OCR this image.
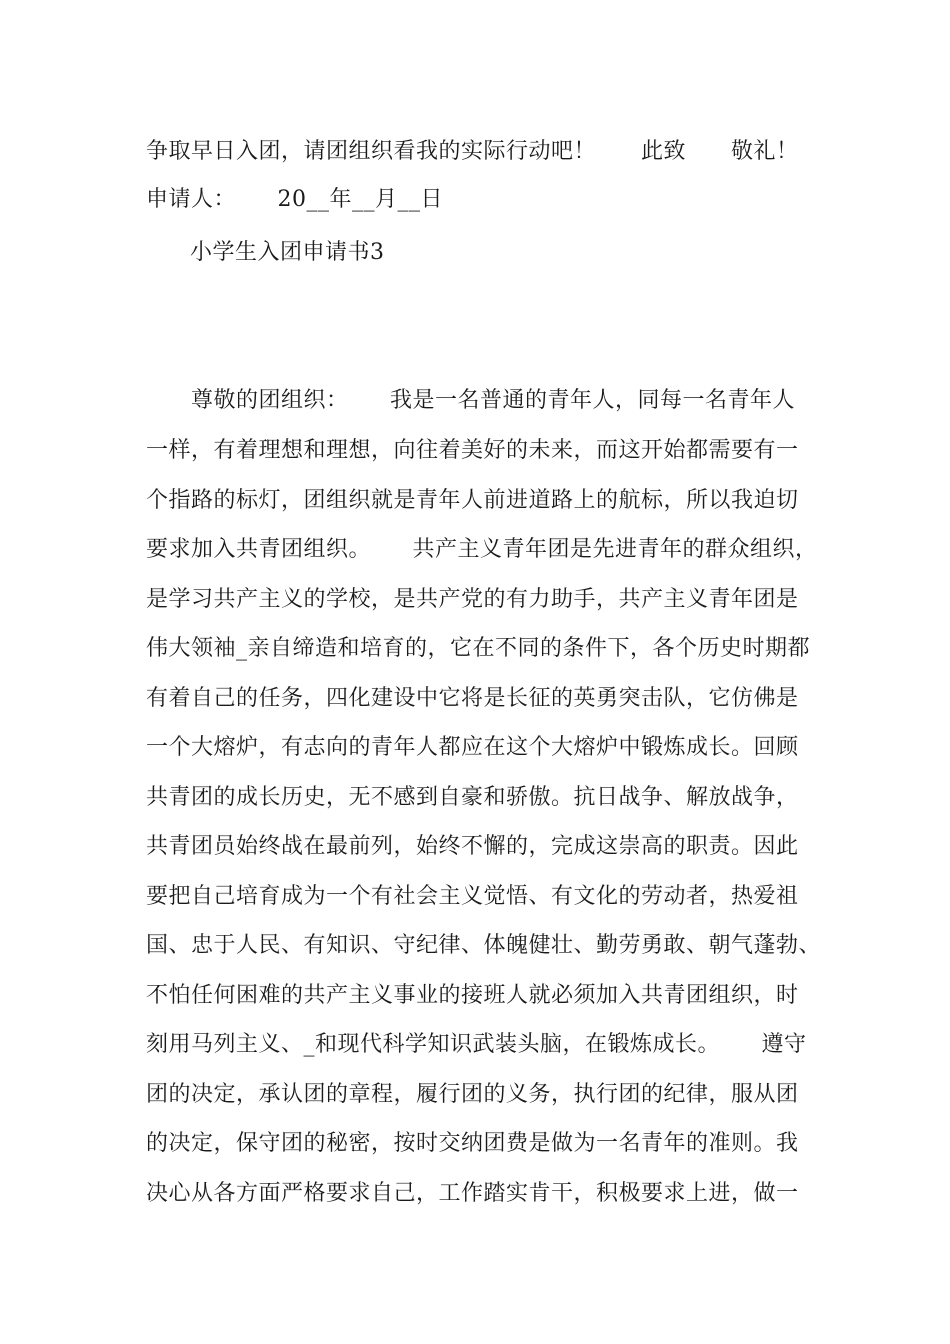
争取早日入团，请团组织看我的实际行动吧！　　此致　　敬礼！
申请人：　　 20__年__月__日
小学生入团申请书3
　　尊敬的团组织：　　 我是一名普通的青年人，同每一名青年人
一样，有着理想和理想，向往着美好的未来，而这开始都需要有一
个指路的标灯，团组织就是青年人前进道路上的航标，所以我迫切
要求加入共青团组织。　　 共产主义青年团是先进青年的群众组织，
是学习共产主义的学校，是共产党的有力助手，共产主义青年团是
伟大领袖_亲自缔造和培育的，它在不同的条件下，各个历史时期都
有着自己的任务，四化建设中它将是长征的英勇突击队，它仿佛是
一个大熔炉，有志向的青年人都应在这个大熔炉中锻炼成长。回顾
共青团的成长历史，无不感到自豪和骄傲。抗日战争、解放战争，
共青团员始终战在最前列，始终不懈的，完成这崇高的职责。因此
要把自己培育成为一个有社会主义觉悟、有文化的劳动者，热爱祖
国、忠于人民、有知识、守纪律、体魄健壮、勤劳勇敢、朝气蓬勃、
不怕任何困难的共产主义事业的接班人就必须加入共青团组织，时
刻用马列主义、_和现代科学知识武装头脑，在锻炼成长。　　 遵守
团的决定，承认团的章程，履行团的义务，执行团的纪律，服从团
的决定，保守团的秘密，按时交纳团费是做为一名青年的准则。我
决心从各方面严格要求自己，工作踏实肯干，积极要求上进，做一
